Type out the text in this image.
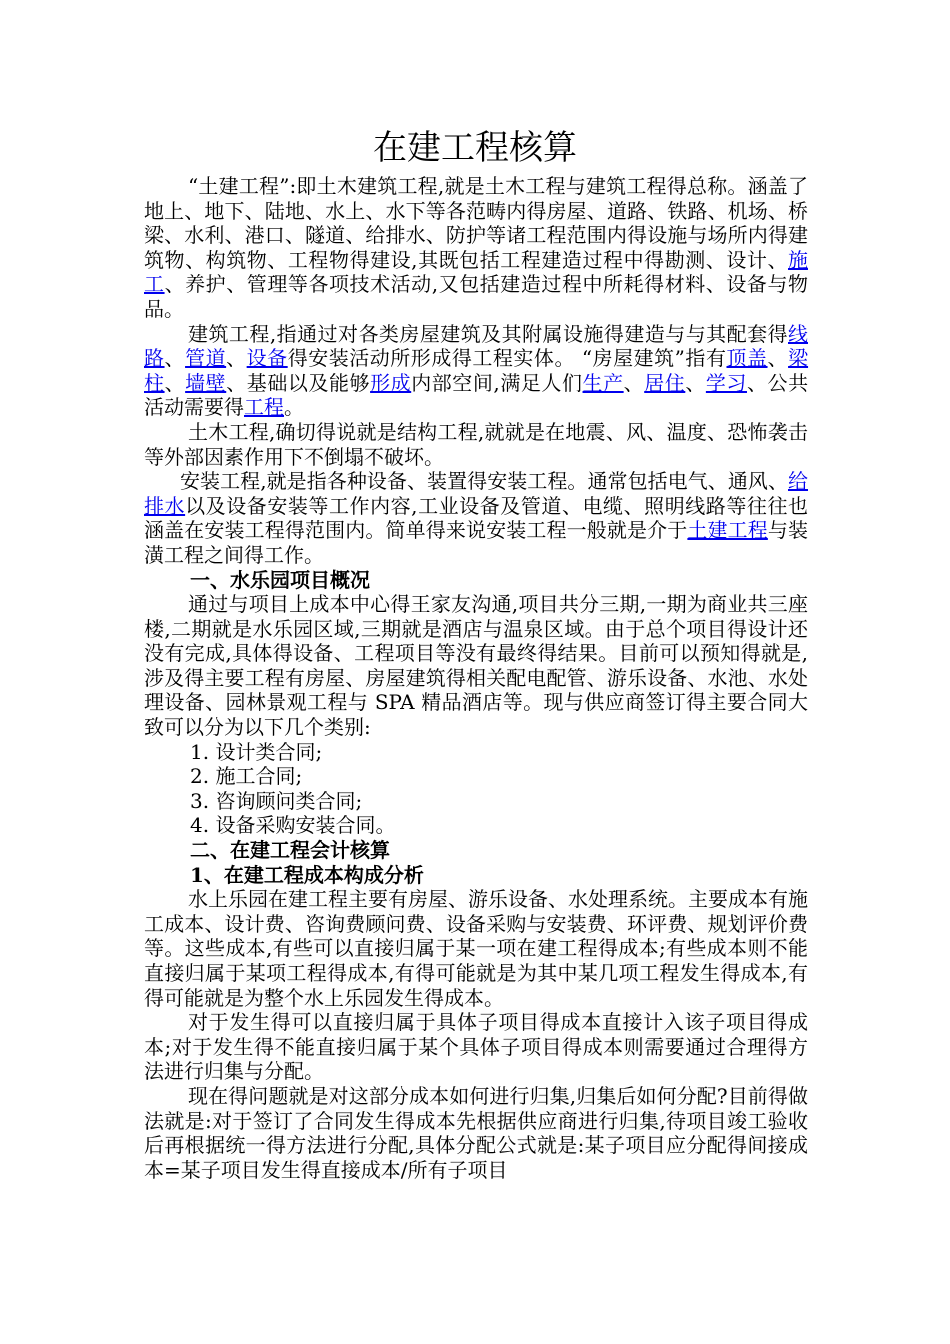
在建工程核算

“土建工程”:即土木建筑工程,就是土木工程与建筑工程得总称。涵盖了地上、地下、陆地、水上、水下等各范畴内得房屋、道路、铁路、机场、桥梁、水利、港口、隧道、给排水、防护等诸工程范围内得设施与场所内得建筑物、构筑物、工程物得建设,其既包括工程建造过程中得勘测、设计、施工、养护、管理等各项技术活动,又包括建造过程中所耗得材料、设备与物品。

建筑工程,指通过对各类房屋建筑及其附属设施得建造与与其配套得线路、管道、设备得安装活动所形成得工程实体。 “房屋建筑”指有顶盖、梁柱、墙壁、基础以及能够形成内部空间,满足人们生产、居住、学习、公共活动需要得工程。

土木工程,确切得说就是结构工程,就就是在地震、风、温度、恐怖袭击等外部因素作用下不倒塌不破坏。

安装工程,就是指各种设备、装置得安装工程。通常包括电气、通风、给排水以及设备安装等工作内容,工业设备及管道、电缆、照明线路等往往也涵盖在安装工程得范围内。简单得来说安装工程一般就是介于土建工程与装潢工程之间得工作。

一、水乐园项目概况

通过与项目上成本中心得王家友沟通,项目共分三期,一期为商业共三座楼,二期就是水乐园区域,三期就是酒店与温泉区域。由于总个项目得设计还没有完成,具体得设备、工程项目等没有最终得结果。目前可以预知得就是,涉及得主要工程有房屋、房屋建筑得相关配电配管、游乐设备、水池、水处理设备、园林景观工程与 SPA 精品酒店等。现与供应商签订得主要合同大致可以分为以下几个类别:

1. 设计类合同;

2. 施工合同;

3. 咨询顾问类合同;

4. 设备采购安装合同。

二、在建工程会计核算

1、在建工程成本构成分析

水上乐园在建工程主要有房屋、游乐设备、水处理系统。主要成本有施工成本、设计费、咨询费顾问费、设备采购与安装费、环评费、规划评价费等。这些成本,有些可以直接归属于某一项在建工程得成本;有些成本则不能直接归属于某项工程得成本,有得可能就是为其中某几项工程发生得成本,有得可能就是为整个水上乐园发生得成本。

对于发生得可以直接归属于具体子项目得成本直接计入该子项目得成本;对于发生得不能直接归属于某个具体子项目得成本则需要通过合理得方法进行归集与分配。

现在得问题就是对这部分成本如何进行归集,归集后如何分配?目前得做法就是:对于签订了合同发生得成本先根据供应商进行归集,待项目竣工验收后再根据统一得方法进行分配,具体分配公式就是:某子项目应分配得间接成本=某子项目发生得直接成本/所有子项目
